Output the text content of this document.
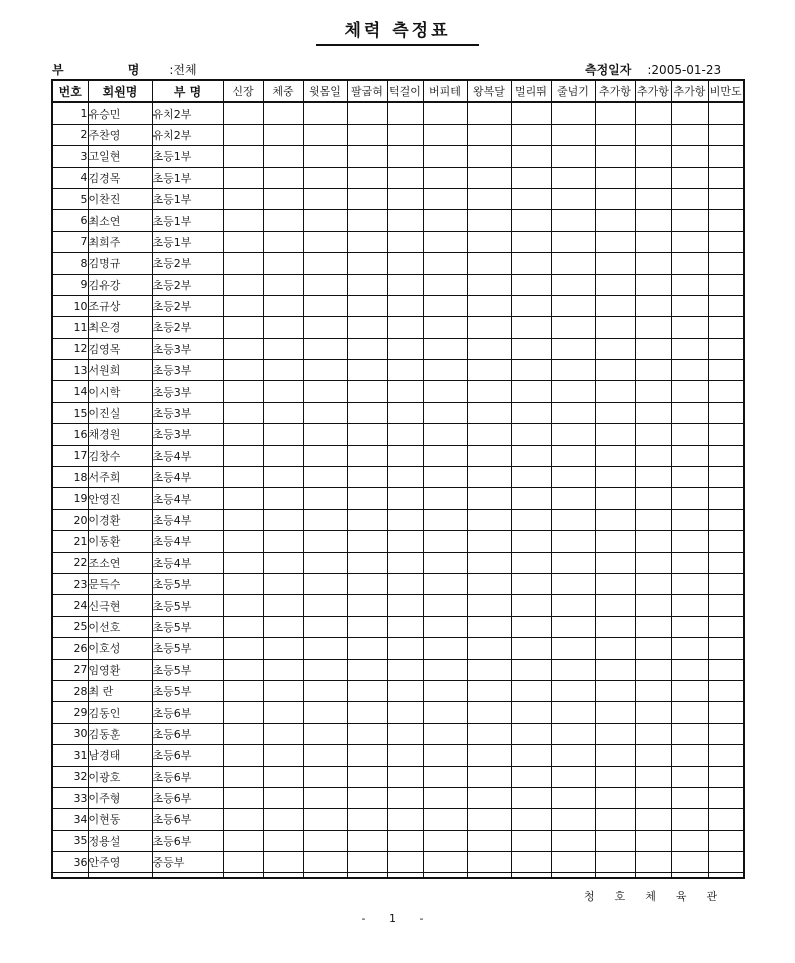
체력 측정표
부 명:전체	측정일자 :2005-01-23
번호	회원명	부 명	신장	체중	윗몸일	팔굽혀	턱걸이	버피테	왕복달	멀리뛰	줄넘기	추가항	추가항	추가항	비만도
1	유승민	유치2부													
2	주찬영	유치2부													
3	고일현	초등1부													
4	김경목	초등1부													
5	이찬진	초등1부													
6	최소연	초등1부													
7	최희주	초등1부													
8	김명규	초등2부													
9	김유강	초등2부													
10	조규상	초등2부													
11	최은경	초등2부													
12	김영목	초등3부													
13	서원희	초등3부													
14	이시학	초등3부													
15	이진실	초등3부													
16	채경원	초등3부													
17	김창수	초등4부													
18	서주희	초등4부													
19	안영진	초등4부													
20	이경환	초등4부													
21	이동환	초등4부													
22	조소연	초등4부													
23	문득수	초등5부													
24	신극현	초등5부													
25	이선호	초등5부													
26	이호성	초등5부													
27	임영환	초등5부													
28	최 란	초등5부													
29	김동인	초등6부													
30	김동훈	초등6부													
31	남경태	초등6부													
32	이광호	초등6부													
33	이주형	초등6부													
34	이현동	초등6부													
35	정용설	초등6부													
36	안주영	중등부													

청호체육관
- 1 -
